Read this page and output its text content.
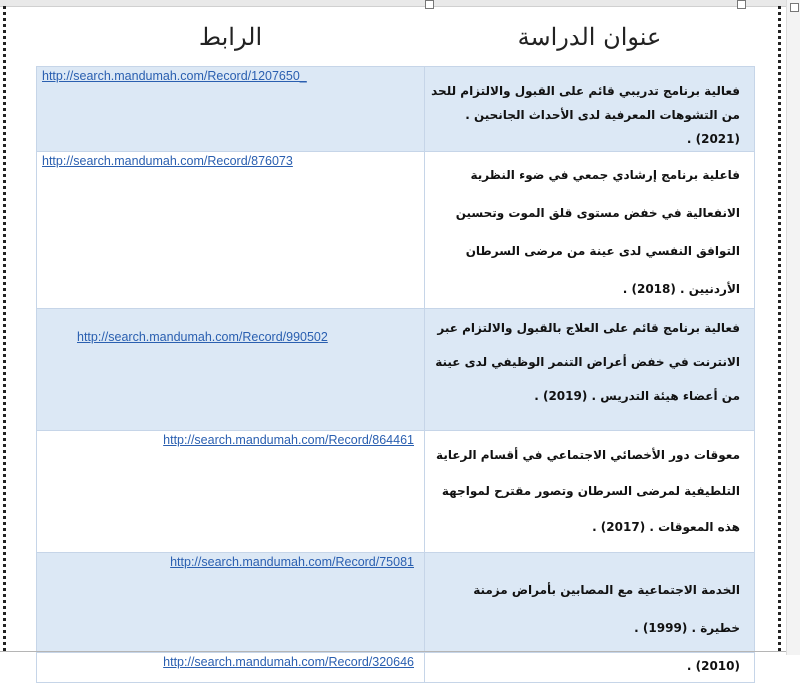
الرابط	عنوان الدراسة

http://search.mandumah.com/Record/1207650_	فعالية برنامج تدريبي قائم على القبول والالتزام للحد من التشوهات المعرفية لدى الأحداث الجانحين . (2021) .

http://search.mandumah.com/Record/876073	فاعلية برنامج إرشادي جمعي في ضوء النظرية الانفعالية في خفض مستوى قلق الموت وتحسين التوافق النفسي لدى عينة من مرضى السرطان الأردنيين . (2018) .

http://search.mandumah.com/Record/990502	فعالية برنامج قائم على العلاج بالقبول والالتزام عبر الانترنت في خفض أعراض التنمر الوظيفي لدى عينة من أعضاء هيئة التدريس . (2019) .

http://search.mandumah.com/Record/864461	معوقات دور الأخصائي الاجتماعي في أقسام الرعاية التلطيفية لمرضى السرطان وتصور مقترح لمواجهة هذه المعوقات . (2017) .

http://search.mandumah.com/Record/75081	الخدمة الاجتماعية مع المصابين بأمراض مزمنة خطيرة . (1999) .

http://search.mandumah.com/Record/320646	(2010) .
